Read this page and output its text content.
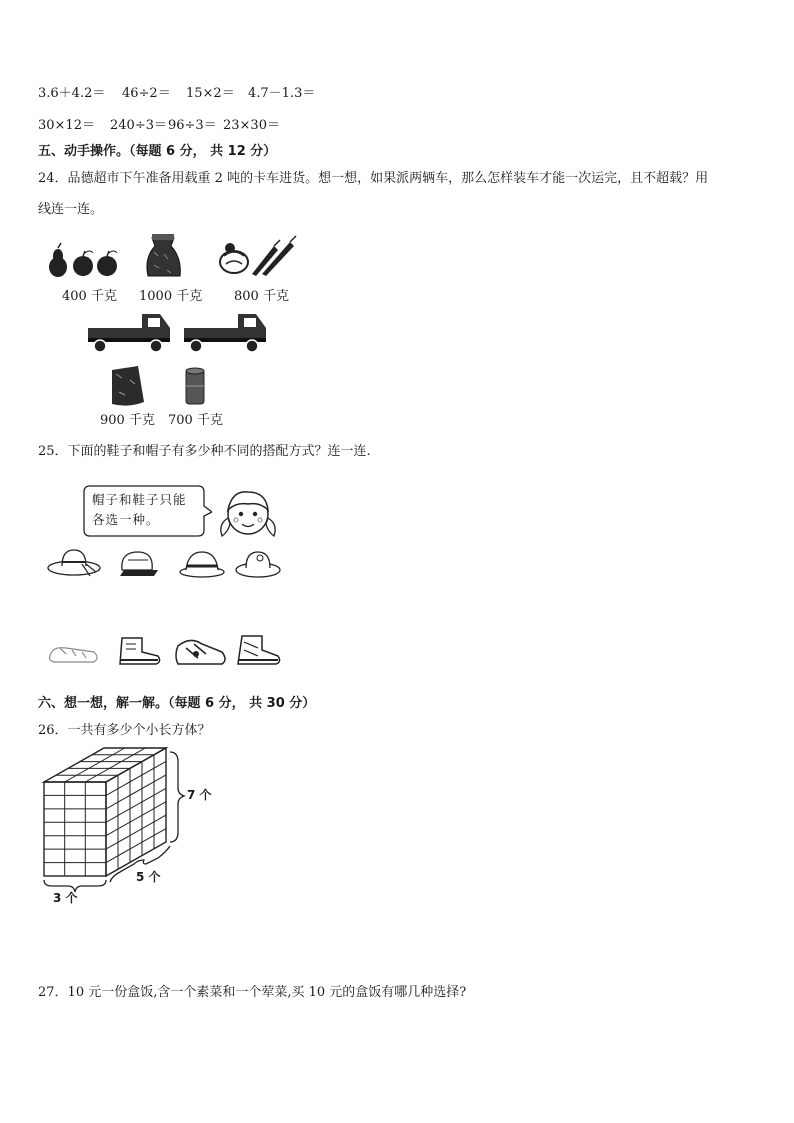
3.6＋4.2＝	46÷2＝	15×2＝	4.7－1.3＝
30×12＝	240÷3＝ 96÷3＝ 23×30＝
五、动手操作。（每题 6 分， 共 12 分）
24．品德超市下午准备用载重 2 吨的卡车进货。想一想，如果派两辆车，那么怎样装车才能一次运完，且不超载？用
线连一连。
400 千克 1000 千克 800 千克
900 千克 700 千克
25．下面的鞋子和帽子有多少种不同的搭配方式？连一连.
帽子和鞋子只能
各选一种。
六、想一想，解一解。（每题 6 分， 共 30 分）
26．一共有多少个小长方体？
7 个
5 个
3 个
27．10 元一份盒饭,含一个素菜和一个荤菜,买 10 元的盒饭有哪几种选择?
